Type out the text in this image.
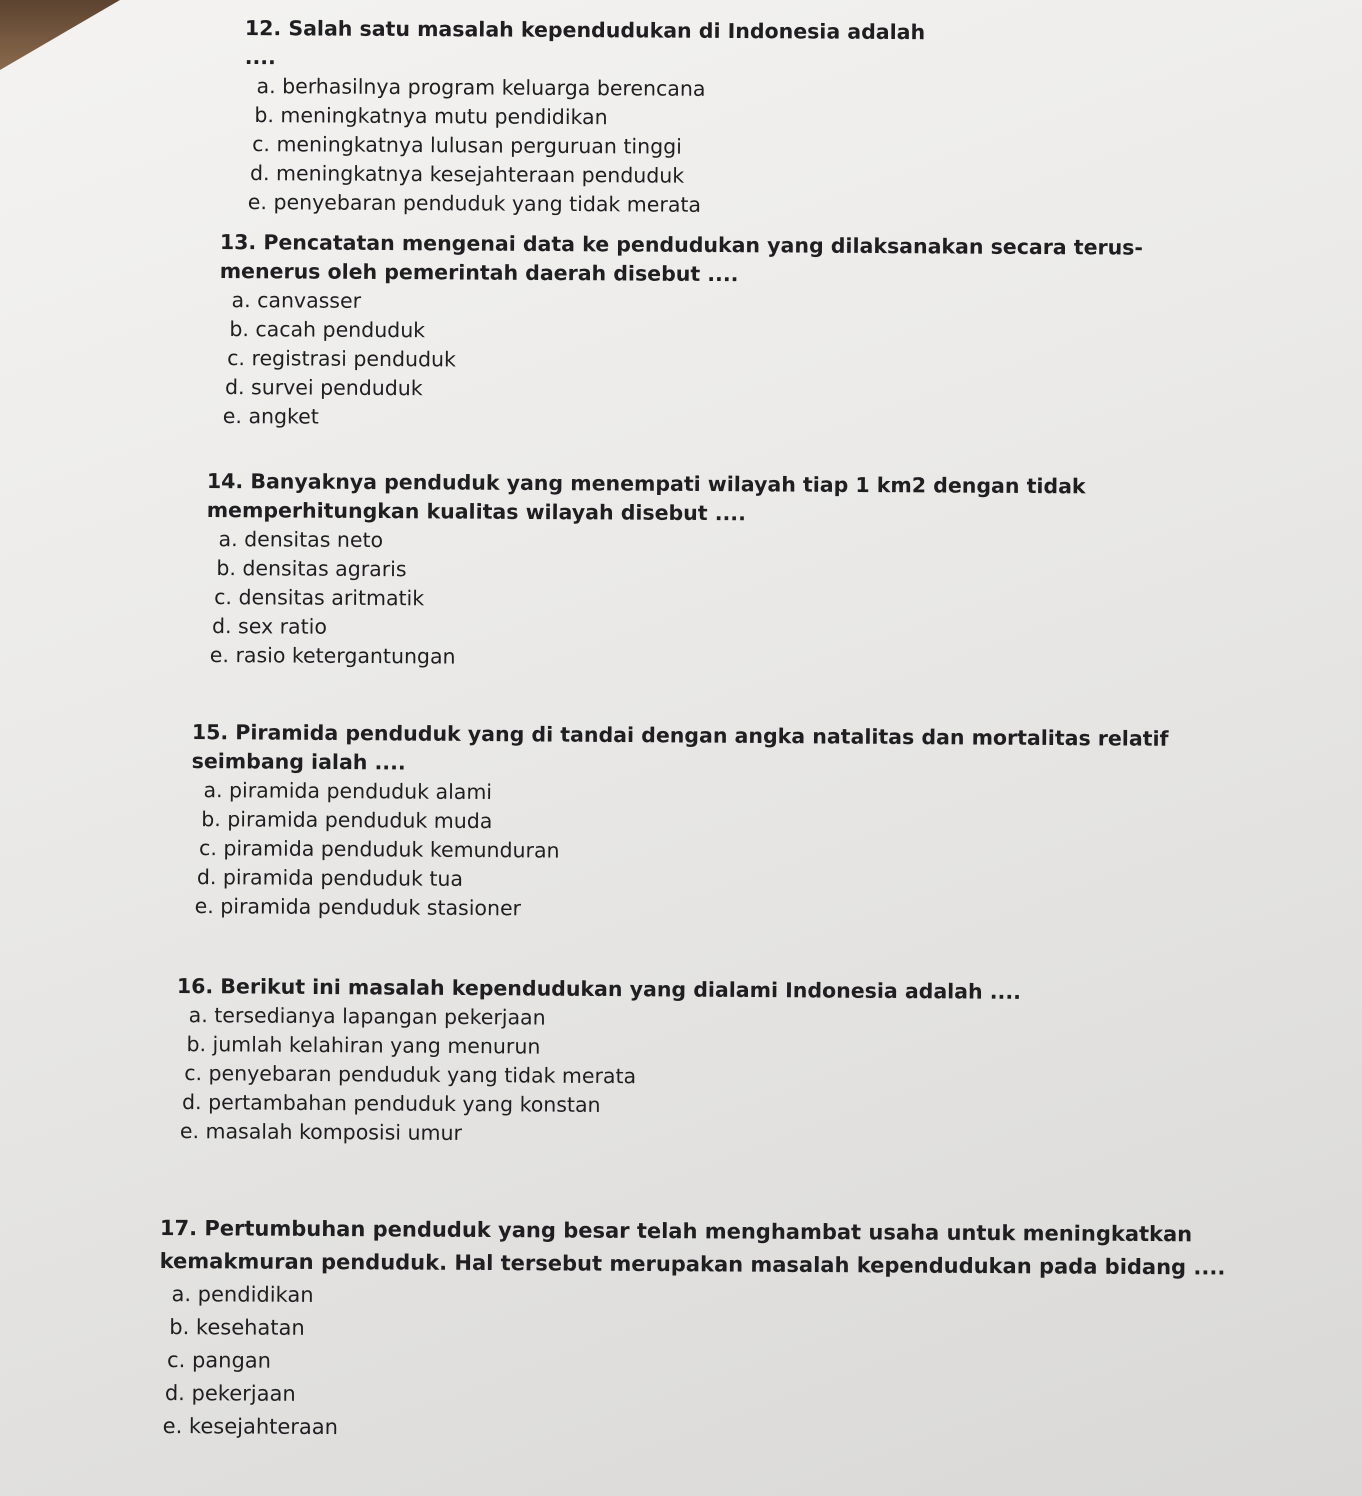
12. Salah satu masalah kependudukan di Indonesia adalah ....
a. berhasilnya program keluarga berencana
b. meningkatnya mutu pendidikan
c. meningkatnya lulusan perguruan tinggi
d. meningkatnya kesejahteraan penduduk
e. penyebaran penduduk yang tidak merata
13. Pencatatan mengenai data ke pendudukan yang dilaksanakan secara terus-menerus oleh pemerintah daerah disebut ....
a. canvasser
b. cacah penduduk
c. registrasi penduduk
d. survei penduduk
e. angket
14. Banyaknya penduduk yang menempati wilayah tiap 1 km2 dengan tidak memperhitungkan kualitas wilayah disebut ....
a. densitas neto
b. densitas agraris
c. densitas aritmatik
d. sex ratio
e. rasio ketergantungan
15. Piramida penduduk yang di tandai dengan angka natalitas dan mortalitas relatif seimbang ialah ....
a. piramida penduduk alami
b. piramida penduduk muda
c. piramida penduduk kemunduran
d. piramida penduduk tua
e. piramida penduduk stasioner
16. Berikut ini masalah kependudukan yang dialami Indonesia adalah ....
a. tersedianya lapangan pekerjaan
b. jumlah kelahiran yang menurun
c. penyebaran penduduk yang tidak merata
d. pertambahan penduduk yang konstan
e. masalah komposisi umur
17. Pertumbuhan penduduk yang besar telah menghambat usaha untuk meningkatkan kemakmuran penduduk. Hal tersebut merupakan masalah kependudukan pada bidang ....
a. pendidikan
b. kesehatan
c. pangan
d. pekerjaan
e. kesejahteraan
